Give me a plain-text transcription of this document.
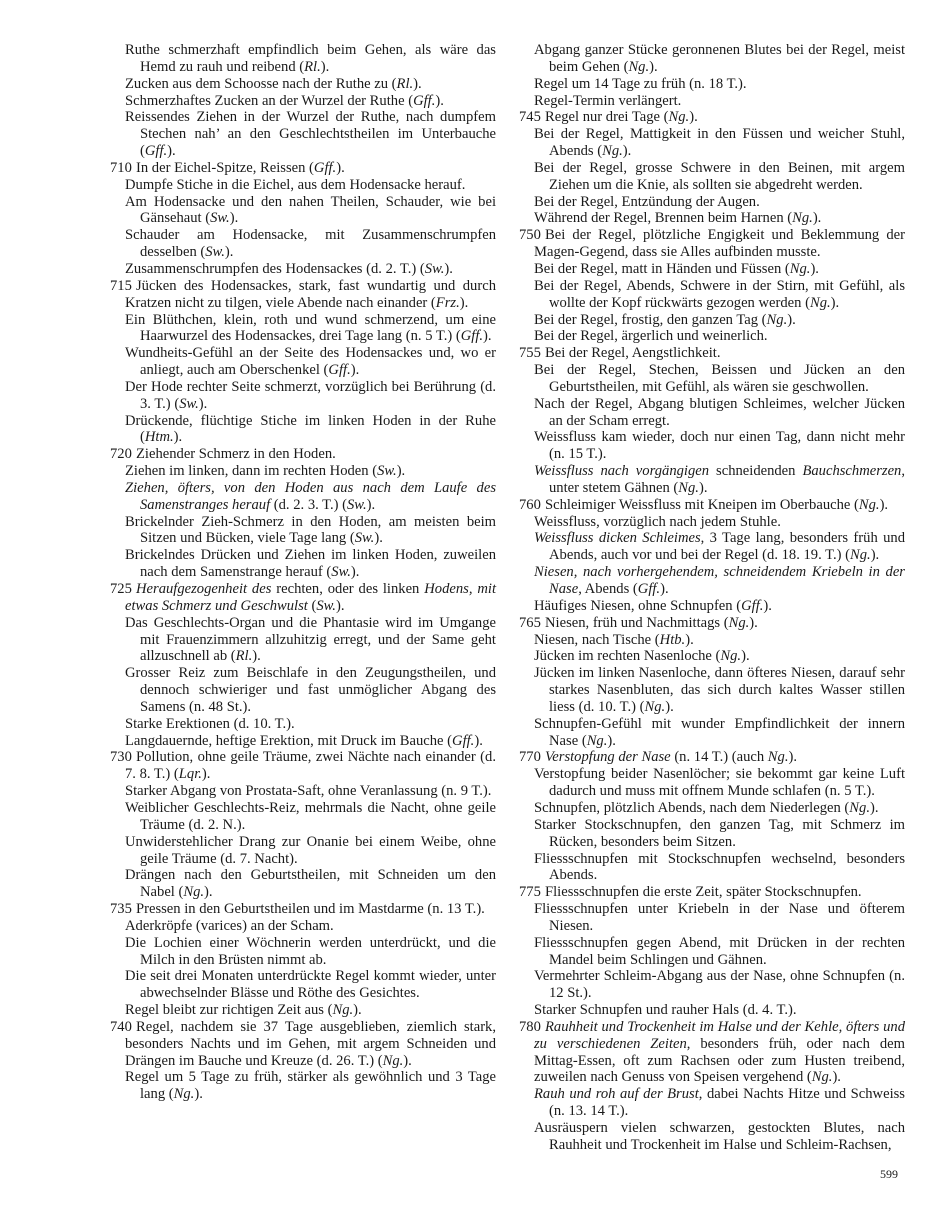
Ruthe schmerzhaft empfindlich beim Gehen, als wäre das Hemd zu rauh und reibend (Rl.).
Zucken aus dem Schoosse nach der Ruthe zu (Rl.).
Schmerzhaftes Zucken an der Wurzel der Ruthe (Gff.).
Reissendes Ziehen in der Wurzel der Ruthe, nach dumpfem Stechen nah’ an den Geschlechtstheilen im Unterbauche (Gff.).
710 In der Eichel-Spitze, Reissen (Gff.).
Dumpfe Stiche in die Eichel, aus dem Hodensacke herauf.
Am Hodensacke und den nahen Theilen, Schauder, wie bei Gänsehaut (Sw.).
Schauder am Hodensacke, mit Zusammenschrumpfen desselben (Sw.).
Zusammenschrumpfen des Hodensackes (d. 2. T.) (Sw.).
715 Jücken des Hodensackes, stark, fast wundartig und durch Kratzen nicht zu tilgen, viele Abende nach einander (Frz.).
Ein Blüthchen, klein, roth und wund schmerzend, um eine Haarwurzel des Hodensackes, drei Tage lang (n. 5 T.) (Gff.).
Wundheits-Gefühl an der Seite des Hodensackes und, wo er anliegt, auch am Oberschenkel (Gff.).
Der Hode rechter Seite schmerzt, vorzüglich bei Berührung (d. 3. T.) (Sw.).
Drückende, flüchtige Stiche im linken Hoden in der Ruhe (Htm.).
720 Ziehender Schmerz in den Hoden.
Ziehen im linken, dann im rechten Hoden (Sw.).
Ziehen, öfters, von den Hoden aus nach dem Laufe des Samenstranges herauf (d. 2. 3. T.) (Sw.).
Brickelnder Zieh-Schmerz in den Hoden, am meisten beim Sitzen und Bücken, viele Tage lang (Sw.).
Brickelndes Drücken und Ziehen im linken Hoden, zuweilen nach dem Samenstrange herauf (Sw.).
725 Heraufgezogenheit des rechten, oder des linken Hodens, mit etwas Schmerz und Geschwulst (Sw.).
Das Geschlechts-Organ und die Phantasie wird im Umgange mit Frauenzimmern allzuhitzig erregt, und der Same geht allzuschnell ab (Rl.).
Grosser Reiz zum Beischlafe in den Zeugungstheilen, und dennoch schwieriger und fast unmöglicher Abgang des Samens (n. 48 St.).
Starke Erektionen (d. 10. T.).
Langdauernde, heftige Erektion, mit Druck im Bauche (Gff.).
730 Pollution, ohne geile Träume, zwei Nächte nach einander (d. 7. 8. T.) (Lqr.).
Starker Abgang von Prostata-Saft, ohne Veranlassung (n. 9 T.).
Weiblicher Geschlechts-Reiz, mehrmals die Nacht, ohne geile Träume (d. 2. N.).
Unwiderstehlicher Drang zur Onanie bei einem Weibe, ohne geile Träume (d. 7. Nacht).
Drängen nach den Geburtstheilen, mit Schneiden um den Nabel (Ng.).
735 Pressen in den Geburtstheilen und im Mastdarme (n. 13 T.).
Aderkröpfe (varices) an der Scham.
Die Lochien einer Wöchnerin werden unterdrückt, und die Milch in den Brüsten nimmt ab.
Die seit drei Monaten unterdrückte Regel kommt wieder, unter abwechselnder Blässe und Röthe des Gesichtes.
Regel bleibt zur richtigen Zeit aus (Ng.).
740 Regel, nachdem sie 37 Tage ausgeblieben, ziemlich stark, besonders Nachts und im Gehen, mit argem Schneiden und Drängen im Bauche und Kreuze (d. 26. T.) (Ng.).
Regel um 5 Tage zu früh, stärker als gewöhnlich und 3 Tage lang (Ng.).
Abgang ganzer Stücke geronnenen Blutes bei der Regel, meist beim Gehen (Ng.).
Regel um 14 Tage zu früh (n. 18 T.).
Regel-Termin verlängert.
745 Regel nur drei Tage (Ng.).
Bei der Regel, Mattigkeit in den Füssen und weicher Stuhl, Abends (Ng.).
Bei der Regel, grosse Schwere in den Beinen, mit argem Ziehen um die Knie, als sollten sie abgedreht werden.
Bei der Regel, Entzündung der Augen.
Während der Regel, Brennen beim Harnen (Ng.).
750 Bei der Regel, plötzliche Engigkeit und Beklemmung der Magen-Gegend, dass sie Alles aufbinden musste.
Bei der Regel, matt in Händen und Füssen (Ng.).
Bei der Regel, Abends, Schwere in der Stirn, mit Gefühl, als wollte der Kopf rückwärts gezogen werden (Ng.).
Bei der Regel, frostig, den ganzen Tag (Ng.).
Bei der Regel, ärgerlich und weinerlich.
755 Bei der Regel, Aengstlichkeit.
Bei der Regel, Stechen, Beissen und Jücken an den Geburtstheilen, mit Gefühl, als wären sie geschwollen.
Nach der Regel, Abgang blutigen Schleimes, welcher Jücken an der Scham erregt.
Weissfluss kam wieder, doch nur einen Tag, dann nicht mehr (n. 15 T.).
Weissfluss nach vorgängigen schneidenden Bauchschmerzen, unter stetem Gähnen (Ng.).
760 Schleimiger Weissfluss mit Kneipen im Oberbauche (Ng.).
Weissfluss, vorzüglich nach jedem Stuhle.
Weissfluss dicken Schleimes, 3 Tage lang, besonders früh und Abends, auch vor und bei der Regel (d. 18. 19. T.) (Ng.).
Niesen, nach vorhergehendem, schneidendem Kriebeln in der Nase, Abends (Gff.).
Häufiges Niesen, ohne Schnupfen (Gff.).
765 Niesen, früh und Nachmittags (Ng.).
Niesen, nach Tische (Htb.).
Jücken im rechten Nasenloche (Ng.).
Jücken im linken Nasenloche, dann öfteres Niesen, darauf sehr starkes Nasenbluten, das sich durch kaltes Wasser stillen liess (d. 10. T.) (Ng.).
Schnupfen-Gefühl mit wunder Empfindlichkeit der innern Nase (Ng.).
770 Verstopfung der Nase (n. 14 T.) (auch Ng.).
Verstopfung beider Nasenlöcher; sie bekommt gar keine Luft dadurch und muss mit offnem Munde schlafen (n. 5 T.).
Schnupfen, plötzlich Abends, nach dem Niederlegen (Ng.).
Starker Stockschnupfen, den ganzen Tag, mit Schmerz im Rücken, besonders beim Sitzen.
Fliessschnupfen mit Stockschnupfen wechselnd, besonders Abends.
775 Fliessschnupfen die erste Zeit, später Stockschnupfen.
Fliessschnupfen unter Kriebeln in der Nase und öfterem Niesen.
Fliessschnupfen gegen Abend, mit Drücken in der rechten Mandel beim Schlingen und Gähnen.
Vermehrter Schleim-Abgang aus der Nase, ohne Schnupfen (n. 12 St.).
Starker Schnupfen und rauher Hals (d. 4. T.).
780 Rauhheit und Trockenheit im Halse und der Kehle, öfters und zu verschiedenen Zeiten, besonders früh, oder nach dem Mittag-Essen, oft zum Rachsen oder zum Husten treibend, zuweilen nach Genuss von Speisen vergehend (Ng.).
Rauh und roh auf der Brust, dabei Nachts Hitze und Schweiss (n. 13. 14 T.).
Ausräuspern vielen schwarzen, gestockten Blutes, nach Rauhheit und Trockenheit im Halse und Schleim-Rachsen,
599
